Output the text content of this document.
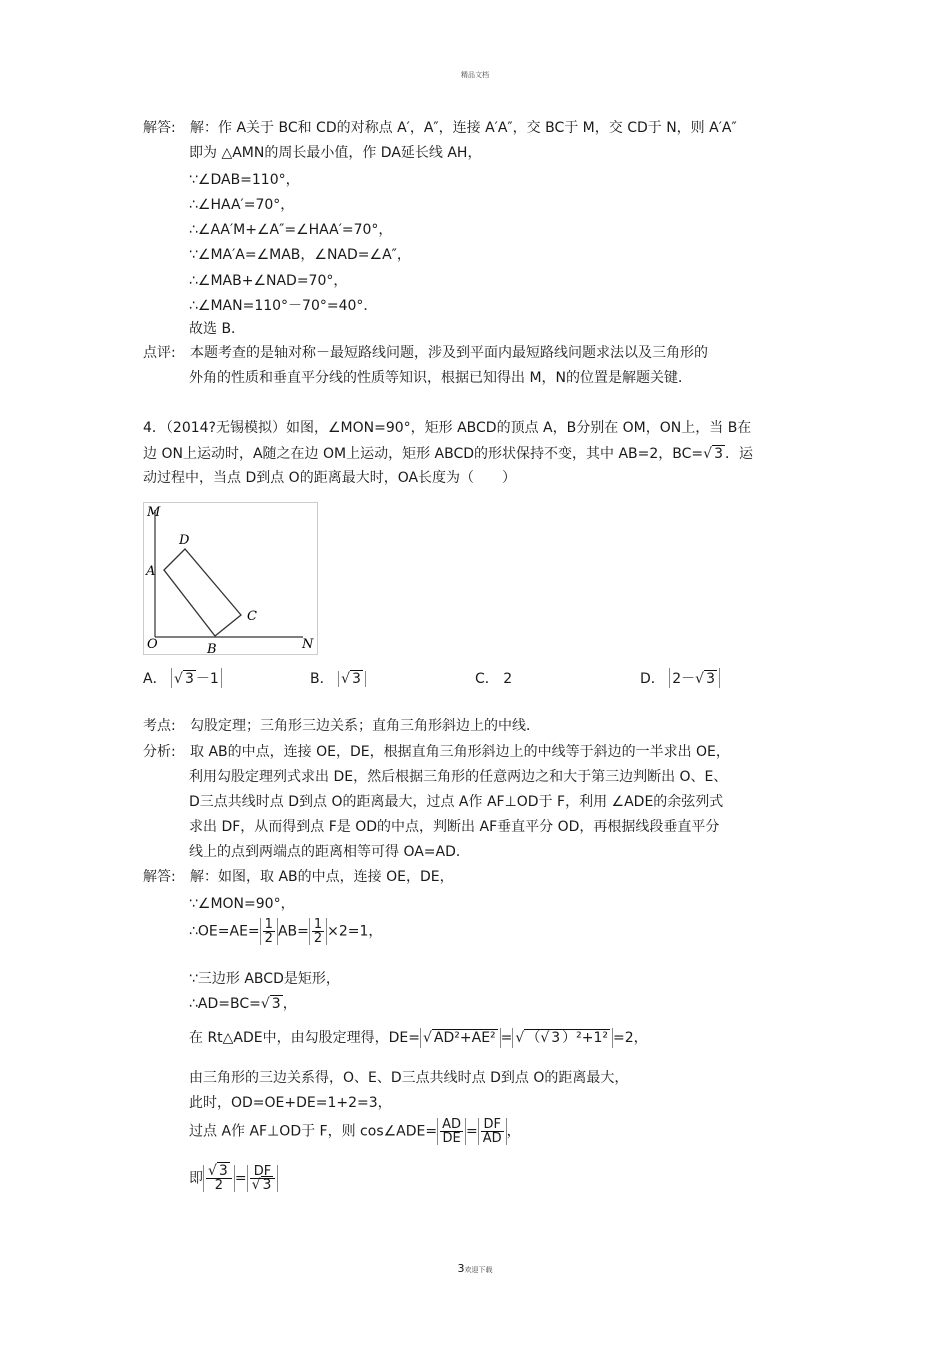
精品文档
解答: 解：作 A关于 BC和 CD的对称点 A′，A″，连接 A′A″，交 BC于 M，交 CD于 N，则 A′A″
即为 △AMN的周长最小值，作 DA延长线 AH，
∵∠DAB=110°，
∴∠HAA′=70°，
∴∠AA′M+∠A″=∠HAA′=70°，
∵∠MA′A=∠MAB，∠NAD=∠A″，
∴∠MAB+∠NAD=70°，
∴∠MAN=110°－70°=40°．
故选 B．
点评: 本题考查的是轴对称－最短路线问题，涉及到平面内最短路线问题求法以及三角形的
外角的性质和垂直平分线的性质等知识，根据已知得出 M，N的位置是解题关键．
4．（2014?无锡模拟）如图，∠MON=90°，矩形 ABCD的顶点 A，B分别在 OM，ON上，当 B在
边 ON上运动时，A随之在边 OM上运动，矩形 ABCD的形状保持不变，其中 AB=2，BC=√ 3 ．运
动过程中，当点 D到点 O的距离最大时，OA长度为（　　）
M
D
A
C
O	B	N
A． √ 3 －1	B． √ 3	C． 2	D． 2－√ 3
考点: 勾股定理；三角形三边关系；直角三角形斜边上的中线．
分析: 取 AB的中点，连接 OE，DE，根据直角三角形斜边上的中线等于斜边的一半求出 OE，
利用勾股定理列式求出 DE，然后根据三角形的任意两边之和大于第三边判断出 O、E、
D三点共线时点 D到点 O的距离最大，过点 A作 AF⊥OD于 F，利用 ∠ADE的余弦列式
求出 DF，从而得到点 F是 OD的中点，判断出 AF垂直平分 OD，再根据线段垂直平分
线上的点到两端点的距离相等可得 OA=AD．
解答: 解：如图，取 AB的中点，连接 OE，DE，
∵∠MON=90°，
∴OE=AE= $\frac{1}{2} AB= \frac{1}{2} \times 2=1$，
∵三边形 ABCD是矩形，
∴AD=BC=√ 3 ，
在 Rt△ADE中，由勾股定理得，DE= √ AD²+AE² = √ （√ 3 ）²+1² =2，
由三角形的三边关系得，O、E、D三点共线时点 D到点 O的距离最大，
此时，OD=OE+DE=1+2=3，
过点 A作 AF⊥OD于 F，则 cos∠ADE= $\frac{AD}{DE} = \frac{DF}{AD}$ ，
即 $\frac{√ 3}{2} = \frac{DF}{√ 3}$
3欢迎下载
